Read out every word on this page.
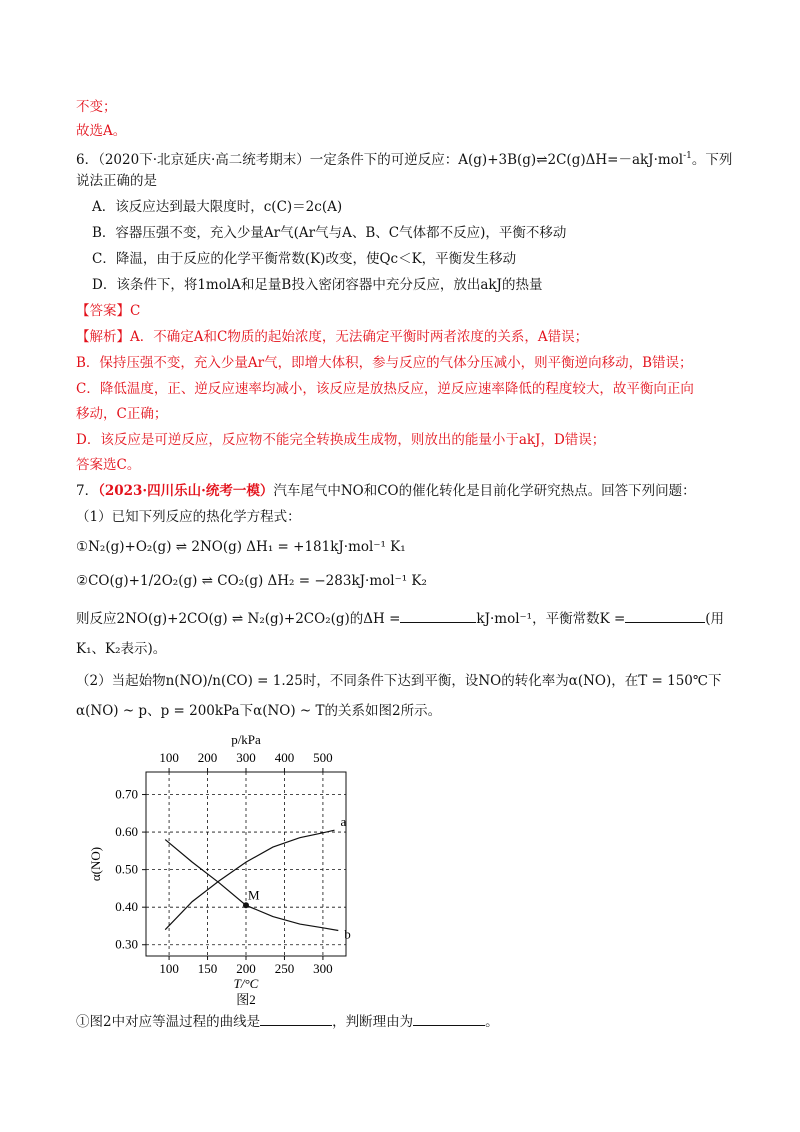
不变；
故选A。
6．（2020下·北京延庆·高二统考期末）一定条件下的可逆反应：A(g)+3B(g)⇌2C(g)ΔH=－akJ·mol$^{-1}$。下列
说法正确的是
A．该反应达到最大限度时，c(C)＝2c(A)
B．容器压强不变，充入少量Ar气(Ar气与A、B、C气体都不反应)，平衡不移动
C．降温，由于反应的化学平衡常数(K)改变，使Qc＜K，平衡发生移动
D．该条件下，将1molA和足量B投入密闭容器中充分反应，放出akJ的热量
【答案】C
【解析】A．不确定A和C物质的起始浓度，无法确定平衡时两者浓度的关系，A错误；
B．保持压强不变，充入少量Ar气，即增大体积，参与反应的气体分压减小，则平衡逆向移动，B错误；
C．降低温度，正、逆反应速率均减小，该反应是放热反应，逆反应速率降低的程度较大，故平衡向正向
移动，C正确；
D．该反应是可逆反应，反应物不能完全转换成生成物，则放出的能量小于akJ，D错误；
答案选C。
7．（2023·四川乐山·统考一模）汽车尾气中NO和CO的催化转化是目前化学研究热点。回答下列问题：
（1）已知下列反应的热化学方程式：
①N₂(g)+O₂(g) ⇌ 2NO(g) ΔH₁ = +181kJ·mol⁻¹ K₁
②CO(g)+1/2O₂(g) ⇌ CO₂(g) ΔH₂ = −283kJ·mol⁻¹ K₂
则反应2NO(g)+2CO(g) ⇌ N₂(g)+2CO₂(g)的ΔH =	kJ·mol⁻¹，平衡常数K =	(用
K₁、K₂表示)。
（2）当起始物n(NO)/n(CO) = 1.25时，不同条件下达到平衡，设NO的转化率为α(NO)，在T = 150℃下
α(NO) ~ p、p = 200kPa下α(NO) ~ T的关系如图2所示。
100 150 200 250 300
100 200 300 400 500
0.30
0.40
0.50
0.60
0.70
p/kPa
T/°C
α(NO)
图2
a
b
M
①图2中对应等温过程的曲线是	，判断理由为	。
